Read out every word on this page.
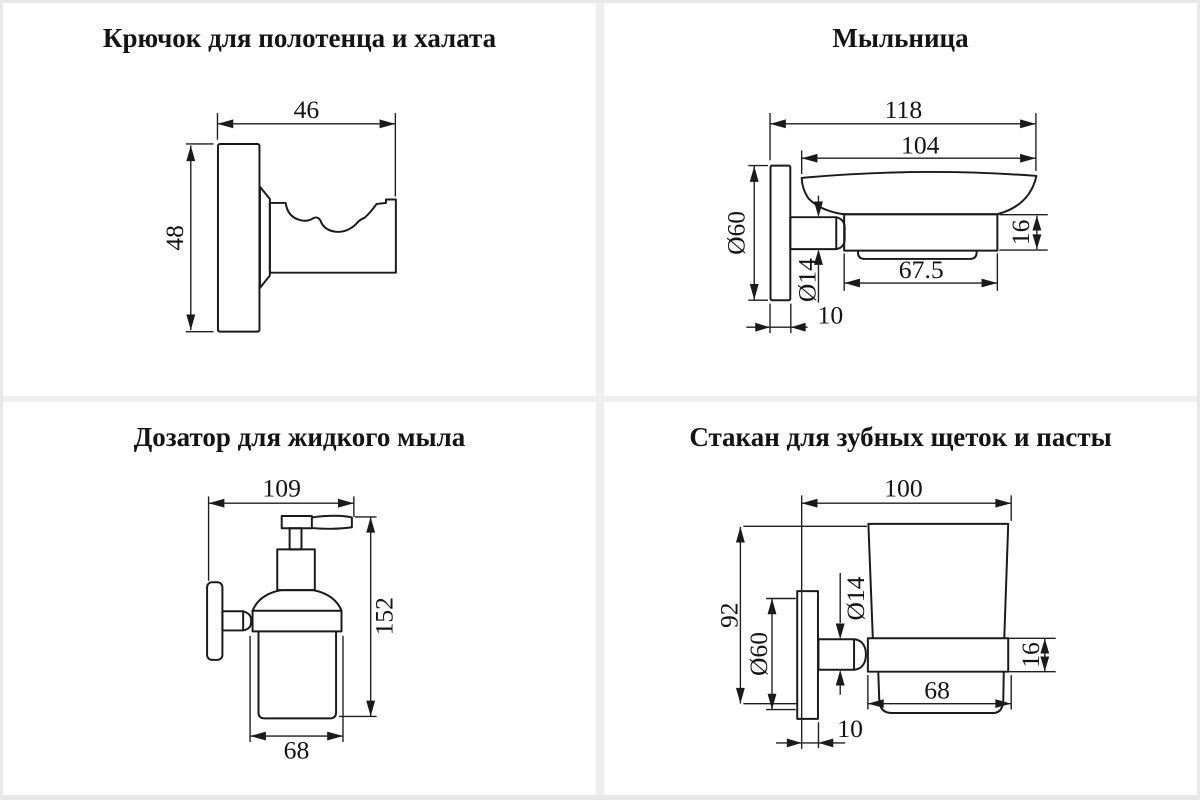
Крючок для полотенца и халата
46
48
Мыльница
118
104
Ø60
Ø14
16
67.5
10
Дозатор для жидкого мыла
109
152
68
Стакан для зубных щеток и пасты
100
92
Ø60
Ø14
16
68
10
